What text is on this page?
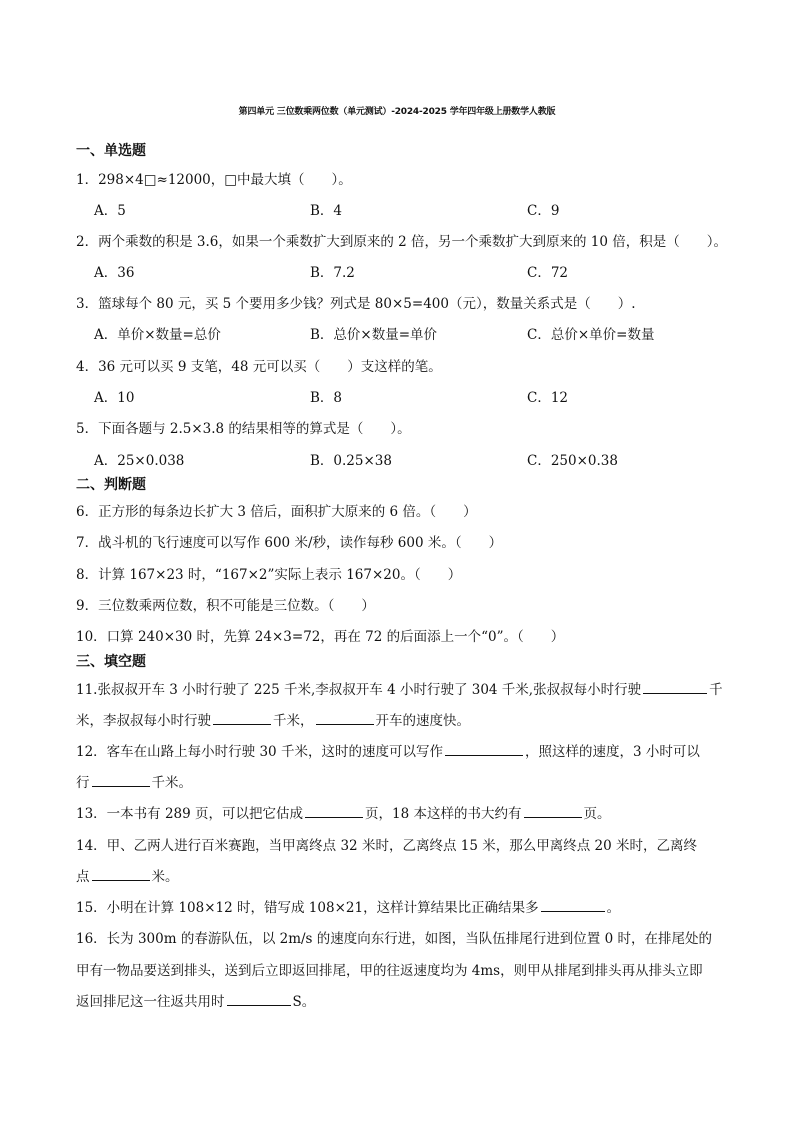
第四单元 三位数乘两位数（单元测试）-2024-2025 学年四年级上册数学人教版
一、单选题
1．298×4□≈12000，□中最大填（　　）。
A．5	B．4	C．9
2．两个乘数的积是 3.6，如果一个乘数扩大到原来的 2 倍，另一个乘数扩大到原来的 10 倍，积是（　　）。
A．36	B．7.2	C．72
3．篮球每个 80 元，买 5 个要用多少钱？列式是 80×5=400（元），数量关系式是（　　）.
A．单价×数量=总价	B．总价×数量=单价	C．总价×单价=数量
4．36 元可以买 9 支笔，48 元可以买（　　）支这样的笔。
A．10	B．8	C．12
5．下面各题与 2.5×3.8 的结果相等的算式是（　　）。
A．25×0.038	B．0.25×38	C．250×0.38
二、判断题
6．正方形的每条边长扩大 3 倍后，面积扩大原来的 6 倍。（　　）
7．战斗机的飞行速度可以写作 600 米/秒，读作每秒 600 米。（　　）
8．计算 167×23 时，“167×2”实际上表示 167×20。（　　）
9．三位数乘两位数，积不可能是三位数。（　　）
10．口算 240×30 时，先算 24×3=72，再在 72 的后面添上一个“0”。（　　）
三、填空题
11.张叔叔开车 3 小时行驶了 225 千米,李叔叔开车 4 小时行驶了 304 千米,张叔叔每小时行驶	千
米，李叔叔每小时行驶	千米，	开车的速度快。
12．客车在山路上每小时行驶 30 千米，这时的速度可以写作	，照这样的速度，3 小时可以
行	千米。
13．一本书有 289 页，可以把它估成	页，18 本这样的书大约有	页。
14．甲、乙两人进行百米赛跑，当甲离终点 32 米时，乙离终点 15 米，那么甲离终点 20 米时，乙离终
点	米。
15．小明在计算 108×12 时，错写成 108×21，这样计算结果比正确结果多	。
16．长为 300m 的春游队伍，以 2m/s 的速度向东行进，如图，当队伍排尾行进到位置 0 时，在排尾处的
甲有一物品要送到排头，送到后立即返回排尾，甲的往返速度均为 4ms，则甲从排尾到排头再从排头立即
返回排尼这一往返共用时	S。
